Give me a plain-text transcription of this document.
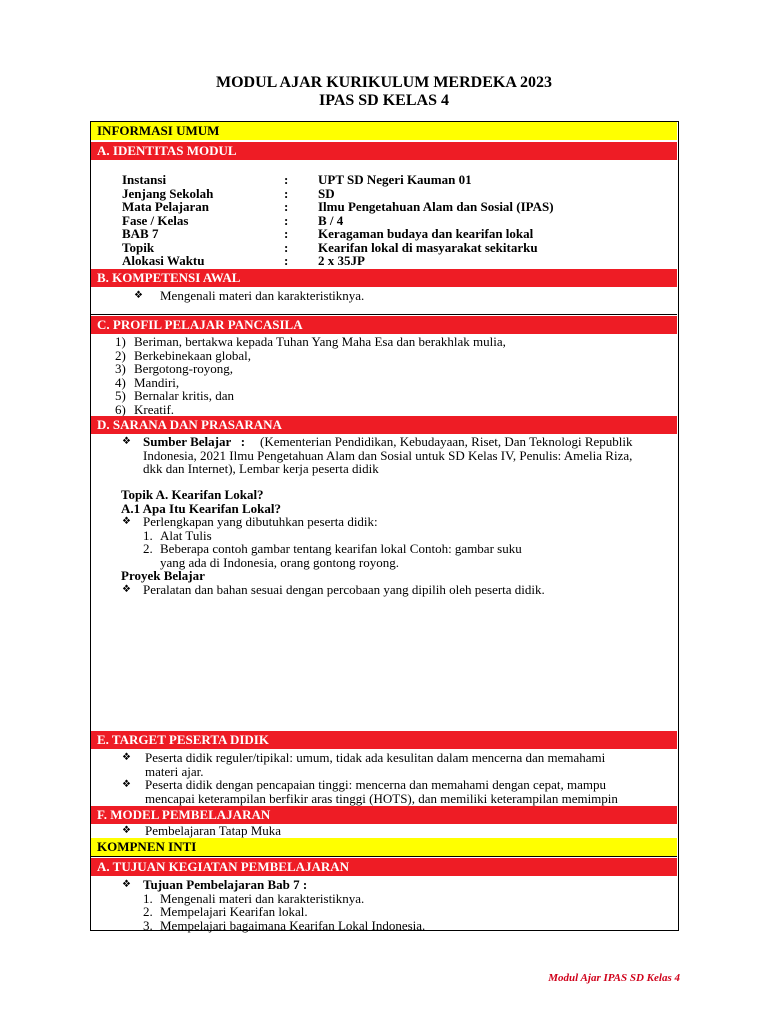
MODUL AJAR KURIKULUM MERDEKA 2023
IPAS SD KELAS 4
INFORMASI UMUM
A. IDENTITAS MODUL
Instansi	: UPT SD Negeri Kauman 01
Jenjang Sekolah	: SD
Mata Pelajaran	: Ilmu Pengetahuan Alam dan Sosial (IPAS)
Fase / Kelas	: B / 4
BAB 7	: Keragaman budaya dan kearifan lokal
Topik	: Kearifan lokal di masyarakat sekitarku
Alokasi Waktu	: 2 x 35JP
B. KOMPETENSI AWAL
❖ Mengenali materi dan karakteristiknya.
C. PROFIL PELAJAR PANCASILA
1) Beriman, bertakwa kepada Tuhan Yang Maha Esa dan berakhlak mulia,
2) Berkebinekaan global,
3) Bergotong-royong,
4) Mandiri,
5) Bernalar kritis, dan
6) Kreatif.
D. SARANA DAN PRASARANA
❖ Sumber Belajar   : (Kementerian Pendidikan, Kebudayaan, Riset, Dan Teknologi Republik
Indonesia, 2021 Ilmu Pengetahuan Alam dan Sosial untuk SD Kelas IV, Penulis: Amelia Riza,
dkk dan Internet), Lembar kerja peserta didik
Topik A. Kearifan Lokal?
A.1 Apa Itu Kearifan Lokal?
❖ Perlengkapan yang dibutuhkan peserta didik:
1. Alat Tulis
2. Beberapa contoh gambar tentang kearifan lokal Contoh: gambar suku
yang ada di Indonesia, orang gontong royong.
Proyek Belajar
❖ Peralatan dan bahan sesuai dengan percobaan yang dipilih oleh peserta didik.
E. TARGET PESERTA DIDIK
❖ Peserta didik reguler/tipikal: umum, tidak ada kesulitan dalam mencerna dan memahami
materi ajar.
❖ Peserta didik dengan pencapaian tinggi: mencerna dan memahami dengan cepat, mampu
mencapai keterampilan berfikir aras tinggi (HOTS), dan memiliki keterampilan memimpin
F. MODEL PEMBELAJARAN
❖ Pembelajaran Tatap Muka
KOMPNEN INTI
A. TUJUAN KEGIATAN PEMBELAJARAN
❖ Tujuan Pembelajaran Bab 7 :
1. Mengenali materi dan karakteristiknya.
2. Mempelajari Kearifan lokal.
3. Mempelajari bagaimana Kearifan Lokal Indonesia.
Modul Ajar IPAS SD Kelas 4
